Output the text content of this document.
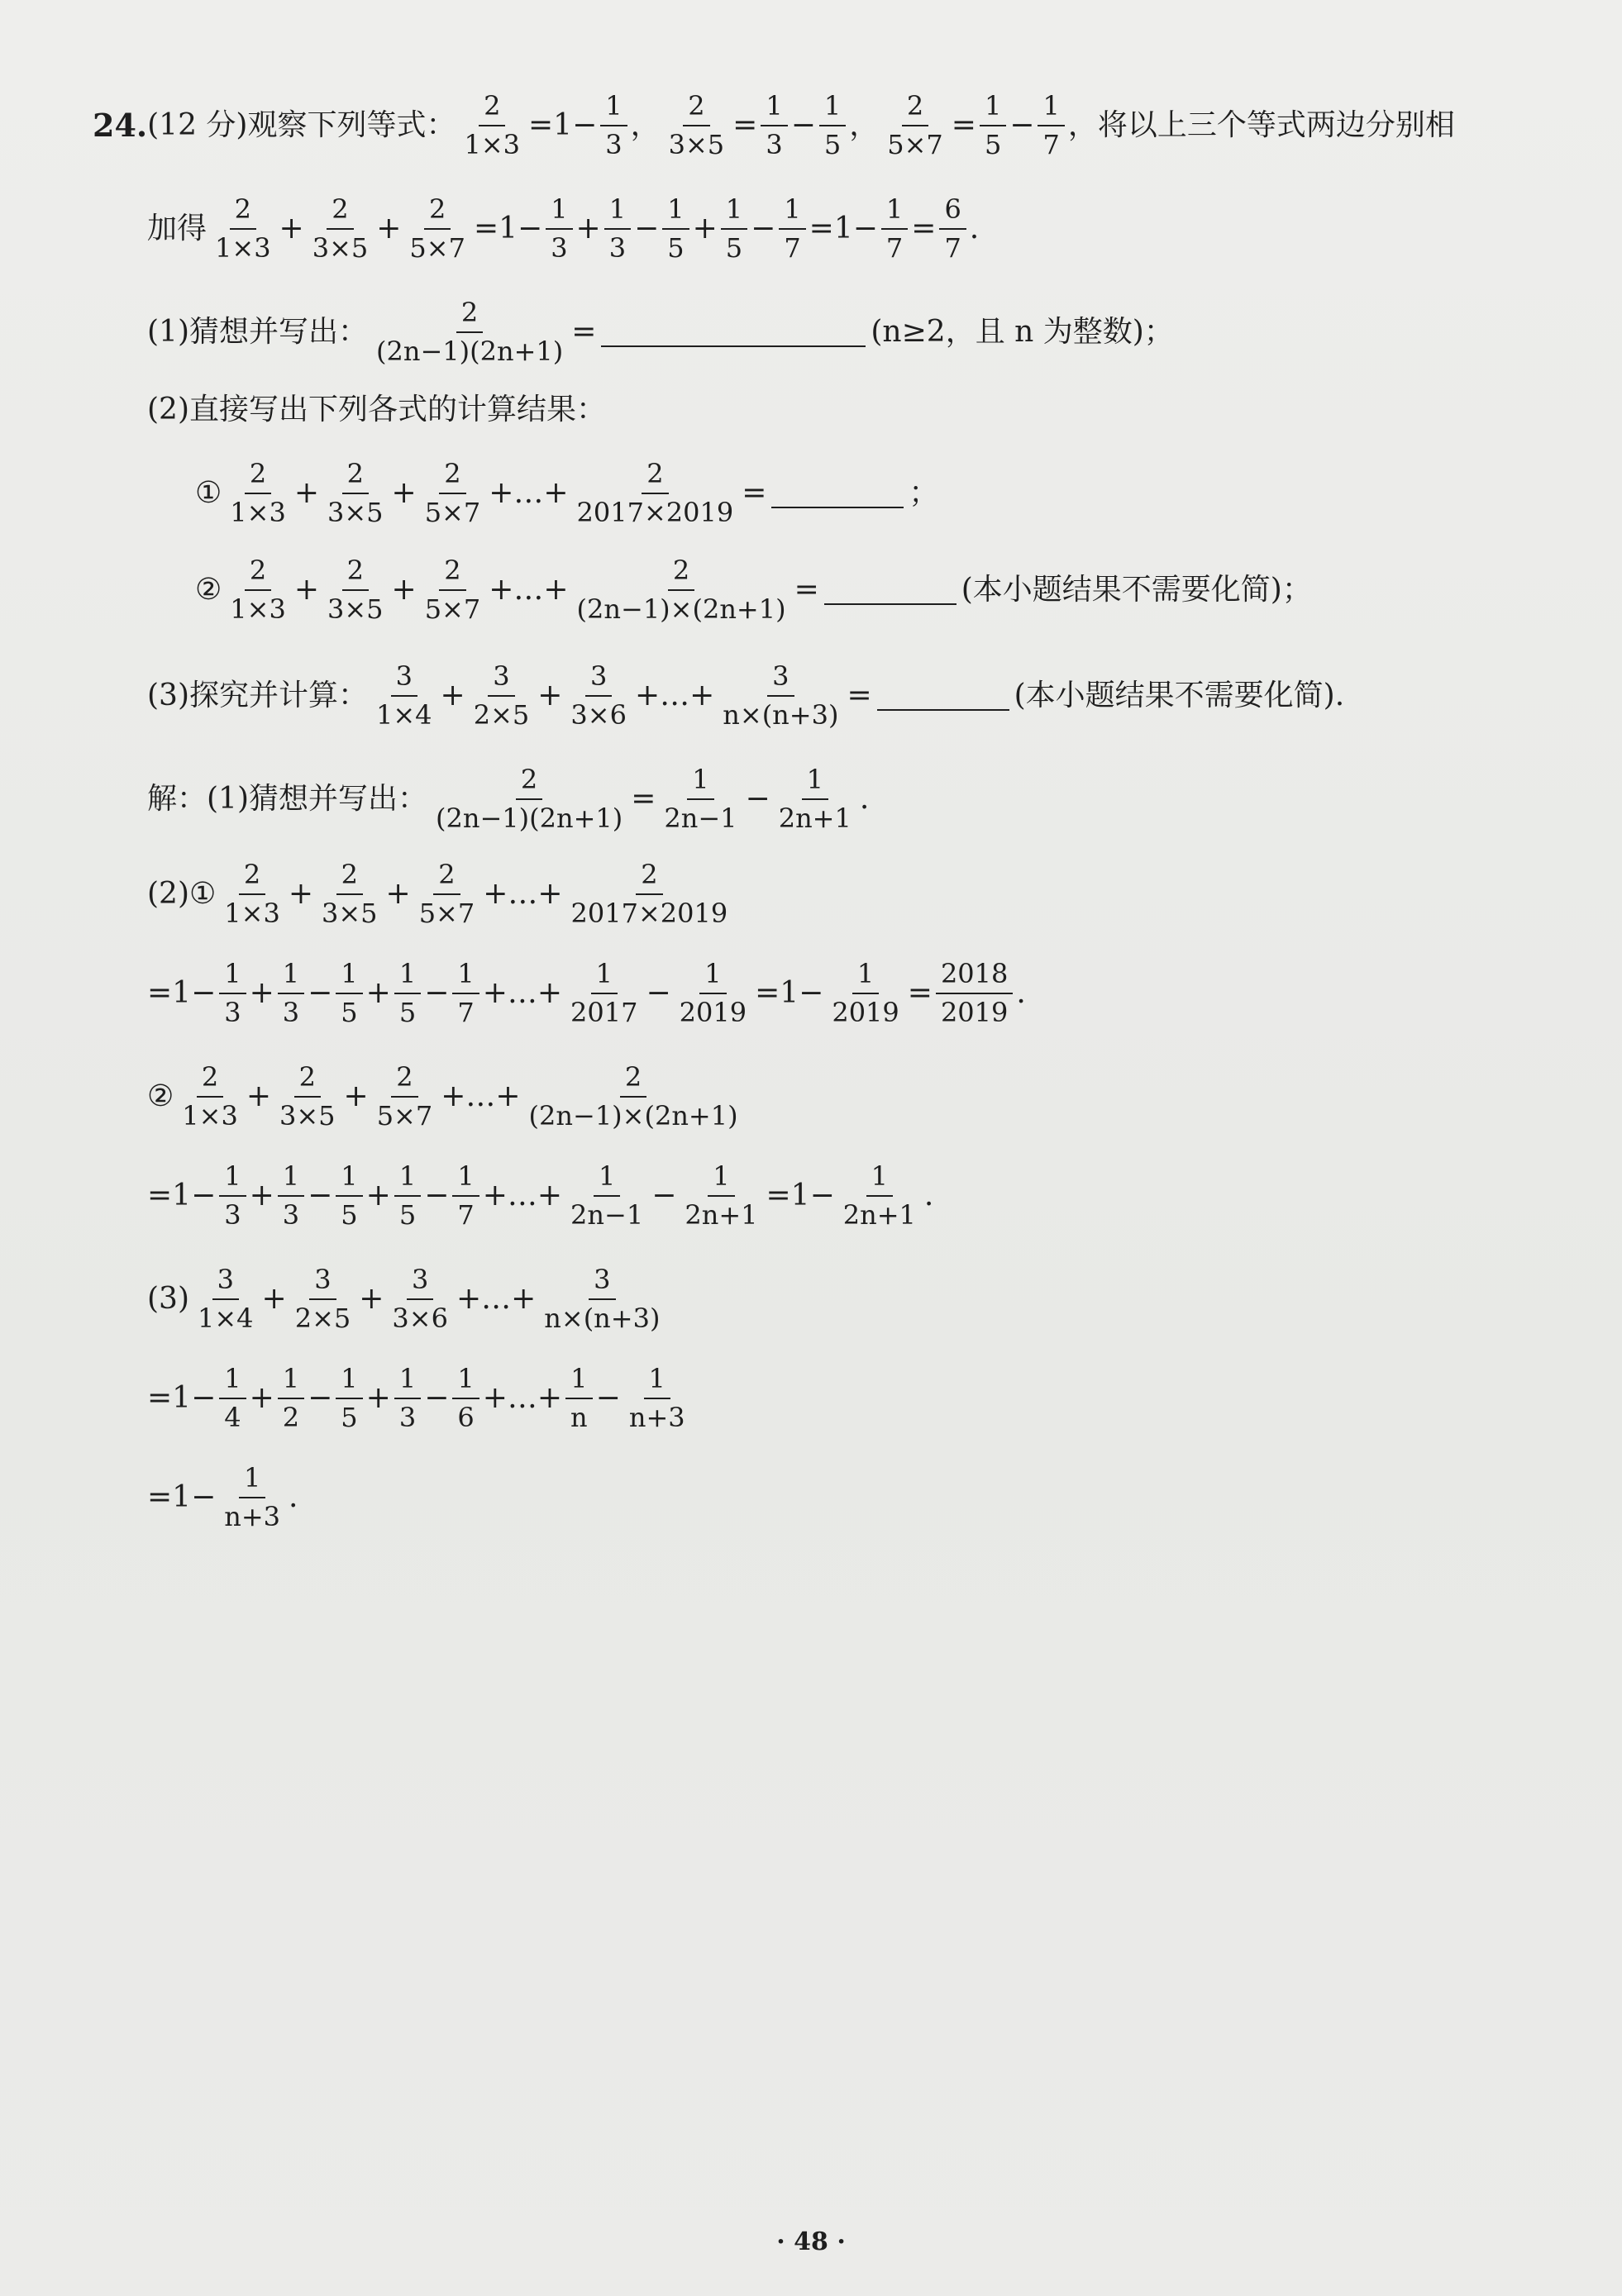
24. (12 分) 观察下列等式： $\frac{2}{1\times 3} =1- \frac{1}{3}$ ， $\frac{2}{3\times 5} = \frac{1}{3} - \frac{1}{5}$ ， $\frac{2}{5\times 7} = \frac{1}{5} - \frac{1}{7}$ ，将以上三个等式两边分别相
加得 $\frac{2}{1\times 3} + \frac{2}{3\times 5} + \frac{2}{5\times 7} =1- \frac{1}{3} + \frac{1}{3} - \frac{1}{5} + \frac{1}{5} - \frac{1}{7} =1- \frac{1}{7} = \frac{6}{7}$ .
(1)猜想并写出： $\frac{2}{(2n-1)(2n+1)}$ =	(n≥2，且 n 为整数)；
(2)直接写出下列各式的计算结果：
① $\frac{2}{1\times 3} + \frac{2}{3\times 5} + \frac{2}{5\times 7}$ +…+ $\frac{2}{2017\times 2019}$ =	；
② $\frac{2}{1\times 3} + \frac{2}{3\times 5} + \frac{2}{5\times 7}$ +…+ $\frac{2}{(2n-1)\times(2n+1)}$ =	(本小题结果不需要化简)；
(3)探究并计算： $\frac{3}{1\times 4} + \frac{3}{2\times 5} + \frac{3}{3\times 6}$ +…+ $\frac{3}{n\times(n+3)}$ =	(本小题结果不需要化简).
解：(1)猜想并写出： $\frac{2}{(2n-1)(2n+1)} = \frac{1}{2n-1} - \frac{1}{2n+1}$ .
(2)① $\frac{2}{1\times 3} + \frac{2}{3\times 5} + \frac{2}{5\times 7}$ +…+ $\frac{2}{2017\times 2019}$
$=1- \frac{1}{3} + \frac{1}{3} - \frac{1}{5} + \frac{1}{5} - \frac{1}{7}$ +…+ $\frac{1}{2017} - \frac{1}{2019} =1- \frac{1}{2019} = \frac{2018}{2019}$ .
② $\frac{2}{1\times 3} + \frac{2}{3\times 5} + \frac{2}{5\times 7}$ +…+ $\frac{2}{(2n-1)\times(2n+1)}$
$=1- \frac{1}{3} + \frac{1}{3} - \frac{1}{5} + \frac{1}{5} - \frac{1}{7}$ +…+ $\frac{1}{2n-1} - \frac{1}{2n+1} =1- \frac{1}{2n+1}$ .
$(3) \frac{3}{1\times 4} + \frac{3}{2\times 5} + \frac{3}{3\times 6}$ +…+ $\frac{3}{n\times(n+3)}$
$=1- \frac{1}{4} + \frac{1}{2} - \frac{1}{5} + \frac{1}{3} - \frac{1}{6}$ +…+ $\frac{1}{n} - \frac{1}{n+3}$
$=1- \frac{1}{n+3}$ .
· 48 ·
